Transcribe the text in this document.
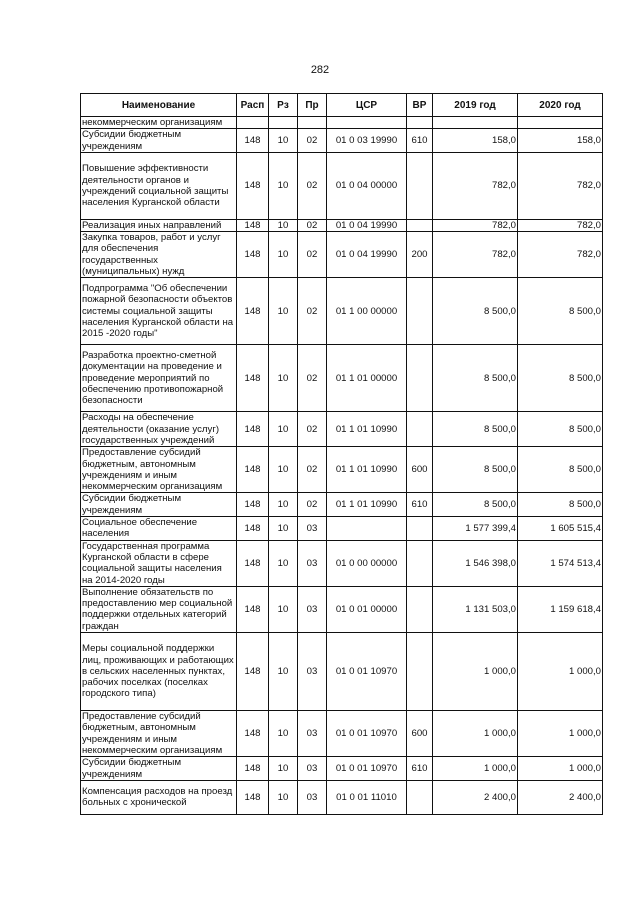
282
Наименование	Расп	Рз	Пр	ЦСР	ВР	2019 год	2020 год
некоммерческим организациям							
Субсидии бюджетным учреждениям	148	10	02	01 0 03 19990	610	158,0	158,0
Повышение эффективности деятельности органов и учреждений социальной защиты населения Курганской области	148	10	02	01 0 04 00000		782,0	782,0
Реализация иных направлений	148	10	02	01 0 04 19990		782,0	782,0
Закупка товаров, работ и услуг для обеспечения государственных (муниципальных) нужд	148	10	02	01 0 04 19990	200	782,0	782,0
Подпрограмма "Об обеспечении пожарной безопасности объектов системы социальной защиты населения Курганской области на 2015 -2020 годы"	148	10	02	01 1 00 00000		8 500,0	8 500,0
Разработка проектно-сметной документации на проведение и проведение мероприятий по обеспечению противопожарной безопасности	148	10	02	01 1 01 00000		8 500,0	8 500,0
Расходы на обеспечение деятельности (оказание услуг) государственных учреждений	148	10	02	01 1 01 10990		8 500,0	8 500,0
Предоставление субсидий бюджетным, автономным учреждениям и иным некоммерческим организациям	148	10	02	01 1 01 10990	600	8 500,0	8 500,0
Субсидии бюджетным учреждениям	148	10	02	01 1 01 10990	610	8 500,0	8 500,0
Социальное обеспечение населения	148	10	03			1 577 399,4	1 605 515,4
Государственная программа Курганской области в сфере социальной защиты населения на 2014-2020 годы	148	10	03	01 0 00 00000		1 546 398,0	1 574 513,4
Выполнение обязательств по предоставлению мер социальной поддержки отдельных категорий граждан	148	10	03	01 0 01 00000		1 131 503,0	1 159 618,4
Меры социальной поддержки лиц, проживающих и работающих в сельских населенных пунктах, рабочих поселках (поселках городского типа)	148	10	03	01 0 01 10970		1 000,0	1 000,0
Предоставление субсидий бюджетным, автономным учреждениям и иным некоммерческим организациям	148	10	03	01 0 01 10970	600	1 000,0	1 000,0
Субсидии бюджетным учреждениям	148	10	03	01 0 01 10970	610	1 000,0	1 000,0
Компенсация расходов на проезд больных с хронической	148	10	03	01 0 01 11010		2 400,0	2 400,0
